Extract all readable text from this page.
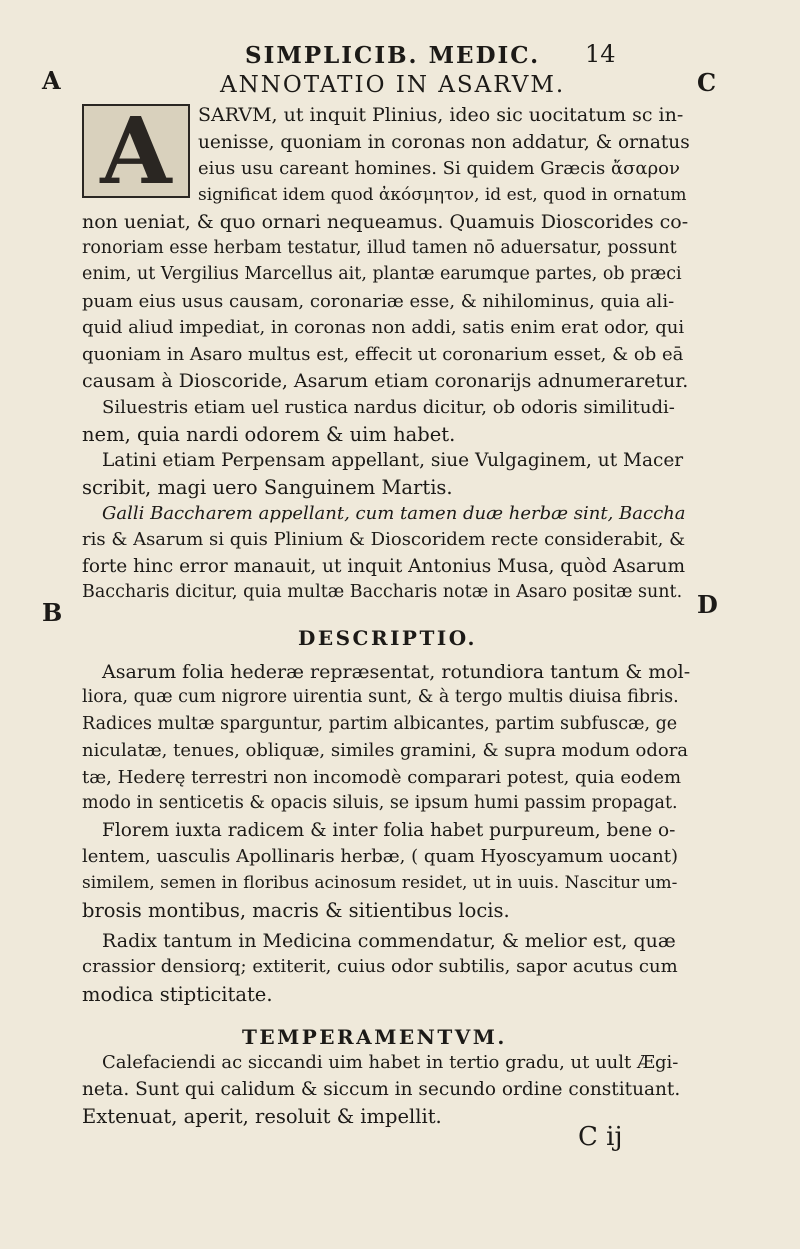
SIMPLICIB. MEDIC. 14
A	C
B	D
ANNOTATIO IN ASARVM.
A SARVM, ut inquit Plinius, ideo sic uocitatum sc in-
uenisse, quoniam in coronas non addatur, & ornatus
eius usu careant homines. Si quidem Græcis ἄσαρον
significat idem quod ἀκόσμητον, id est, quod in ornatum
non ueniat, & quo ornari nequeamus. Quamuis Dioscorides co-
ronoriam esse herbam testatur, illud tamen nō aduersatur, possunt
enim, ut Vergilius Marcellus ait, plantæ earumque partes, ob præci
puam eius usus causam, coronariæ esse, & nihilominus, quia ali-
quid aliud impediat, in coronas non addi, satis enim erat odor, qui
quoniam in Asaro multus est, effecit ut coronarium esset, & ob eā
causam à Dioscoride, Asarum etiam coronarijs adnumeraretur.
Siluestris etiam uel rustica nardus dicitur, ob odoris similitudi-
nem, quia nardi odorem & uim habet.
Latini etiam Perpensam appellant, siue Vulgaginem, ut Macer
scribit, magi uero Sanguinem Martis.
Galli Baccharem appellant, cum tamen duæ herbæ sint, Baccha
ris & Asarum si quis Plinium & Dioscoridem recte considerabit, &
forte hinc error manauit, ut inquit Antonius Musa, quòd Asarum
Baccharis dicitur, quia multæ Baccharis notæ in Asaro positæ sunt.
DESCRIPTIO.
Asarum folia hederæ repræsentat, rotundiora tantum & mol-
liora, quæ cum nigrore uirentia sunt, & à tergo multis diuisa fibris.
Radices multæ sparguntur, partim albicantes, partim subfuscæ, ge
niculatæ, tenues, obliquæ, similes gramini, & supra modum odora
tæ, Hederę terrestri non incomodè comparari potest, quia eodem
modo in senticetis & opacis siluis, se ipsum humi passim propagat.
Florem iuxta radicem & inter folia habet purpureum, bene o-
lentem, uasculis Apollinaris herbæ, ( quam Hyoscyamum uocant)
similem, semen in floribus acinosum residet, ut in uuis. Nascitur um-
brosis montibus, macris & sitientibus locis.
Radix tantum in Medicina commendatur, & melior est, quæ
crassior densiorq; extiterit, cuius odor subtilis, sapor acutus cum
modica stipticitate.
TEMPERAMENTVM.
Calefaciendi ac siccandi uim habet in tertio gradu, ut uult Ægi-
neta. Sunt qui calidum & siccum in secundo ordine constituant.
Extenuat, aperit, resoluit & impellit.
C ij
